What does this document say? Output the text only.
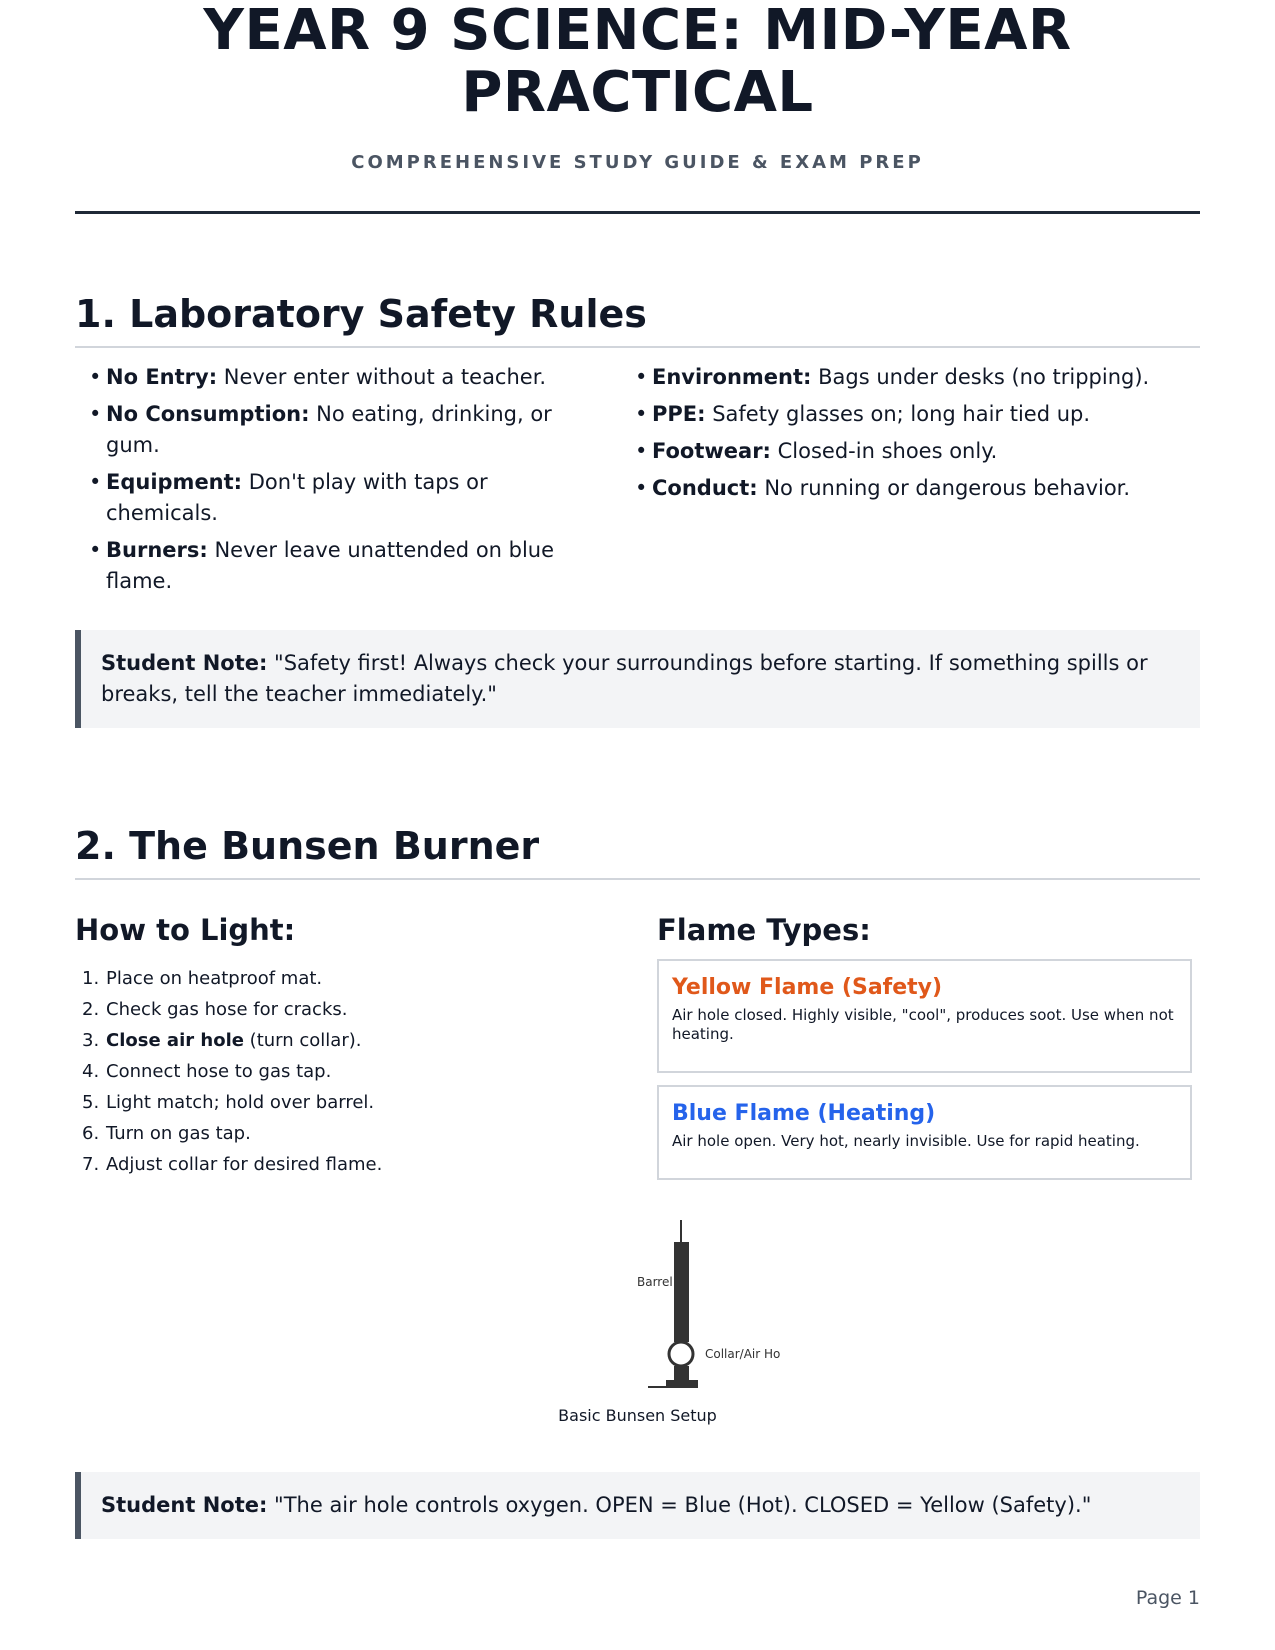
YEAR 9 SCIENCE: MID-YEAR
PRACTICAL
COMPREHENSIVE STUDY GUIDE & EXAM PREP
1. Laboratory Safety Rules
• No Entry: Never enter without a teacher.
• No Consumption: No eating, drinking, or gum.
• Equipment: Don't play with taps or chemicals.
• Burners: Never leave unattended on blue flame.
• Environment: Bags under desks (no tripping).
• PPE: Safety glasses on; long hair tied up.
• Footwear: Closed-in shoes only.
• Conduct: No running or dangerous behavior.
Student Note: "Safety first! Always check your surroundings before starting. If something spills or breaks, tell the teacher immediately."
2. The Bunsen Burner
How to Light:
1. Place on heatproof mat.
2. Check gas hose for cracks.
3. Close air hole (turn collar).
4. Connect hose to gas tap.
5. Light match; hold over barrel.
6. Turn on gas tap.
7. Adjust collar for desired flame.
Flame Types:
Yellow Flame (Safety)

Air hole closed. Highly visible, "cool", produces soot. Use when not heating.

Blue Flame (Heating)

Air hole open. Very hot, nearly invisible. Use for rapid heating.

Barrel
Collar/Air Ho
Basic Bunsen Setup
Student Note: "The air hole controls oxygen. OPEN = Blue (Hot). CLOSED = Yellow (Safety)."
Page 1
